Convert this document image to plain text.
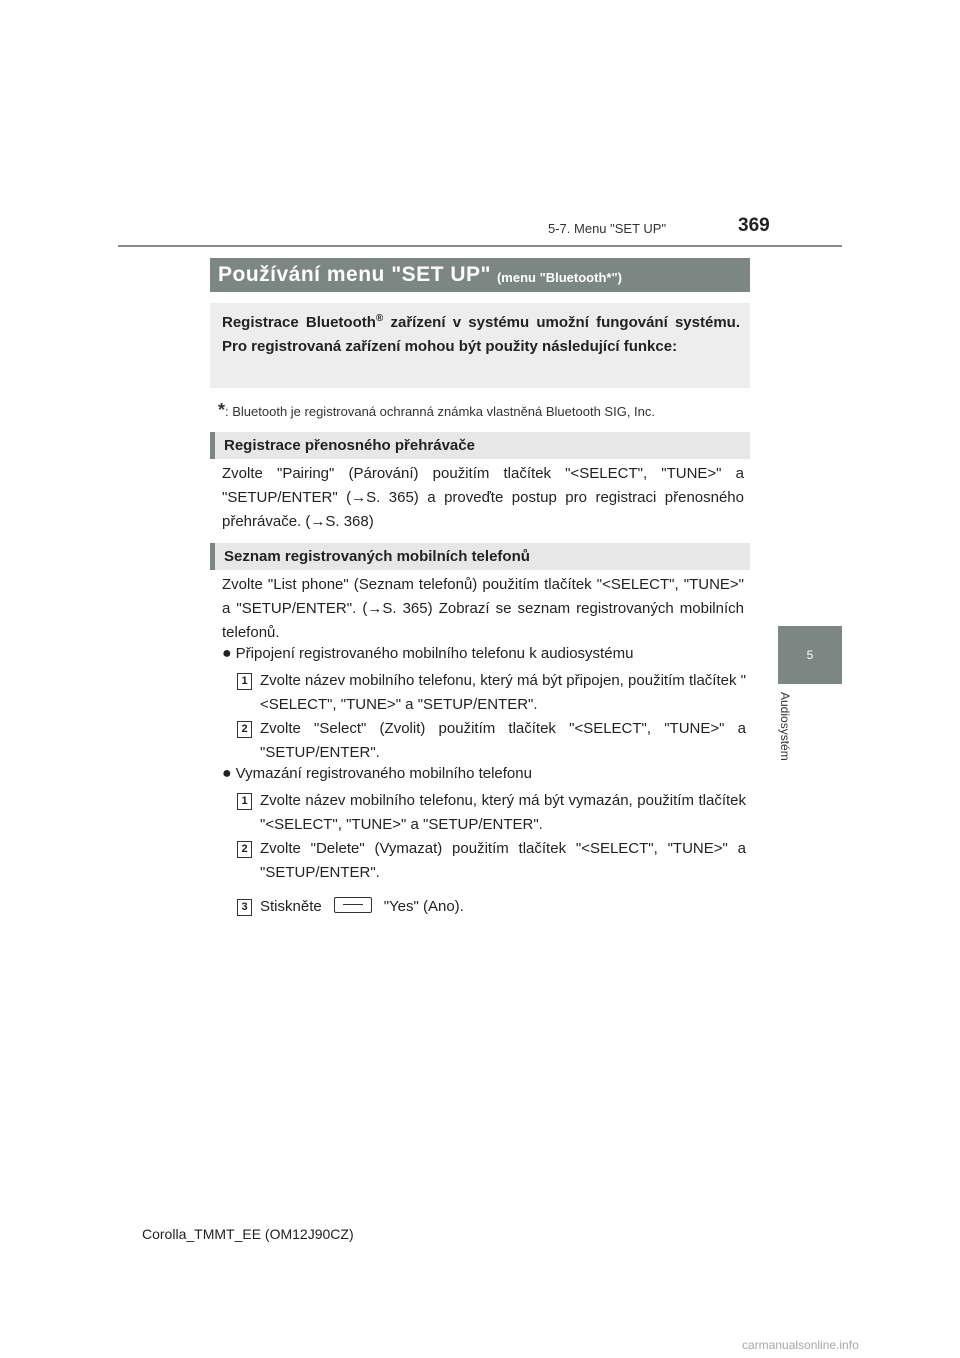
5-7. Menu "SET UP"	369
5
Audiosystém
Používání menu "SET UP" (menu "Bluetooth*")
Registrace Bluetooth® zařízení v systému umožní fungování systému. Pro registrovaná zařízení mohou být použity následující funkce:
*: Bluetooth je registrovaná ochranná známka vlastněná Bluetooth SIG, Inc.
Registrace přenosného přehrávače
Zvolte "Pairing" (Párování) použitím tlačítek "<SELECT", "TUNE>" a "SETUP/ENTER" (→S. 365) a proveďte postup pro registraci přenosného přehrávače. (→S. 368)
Seznam registrovaných mobilních telefonů
Zvolte "List phone" (Seznam telefonů) použitím tlačítek "<SELECT", "TUNE>" a "SETUP/ENTER". (→S. 365) Zobrazí se seznam registrovaných mobilních telefonů.
● Připojení registrovaného mobilního telefonu k audiosystému
1 Zvolte název mobilního telefonu, který má být připojen, použitím tlačítek "<SELECT", "TUNE>" a "SETUP/ENTER".
2 Zvolte "Select" (Zvolit) použitím tlačítek "<SELECT", "TUNE>" a "SETUP/ENTER".
● Vymazání registrovaného mobilního telefonu
1 Zvolte název mobilního telefonu, který má být vymazán, použitím tlačítek "<SELECT", "TUNE>" a "SETUP/ENTER".
2 Zvolte "Delete" (Vymazat) použitím tlačítek "<SELECT", "TUNE>" a "SETUP/ENTER".
3 Stiskněte	"Yes" (Ano).
Corolla_TMMT_EE (OM12J90CZ)
carmanualsonline.info
